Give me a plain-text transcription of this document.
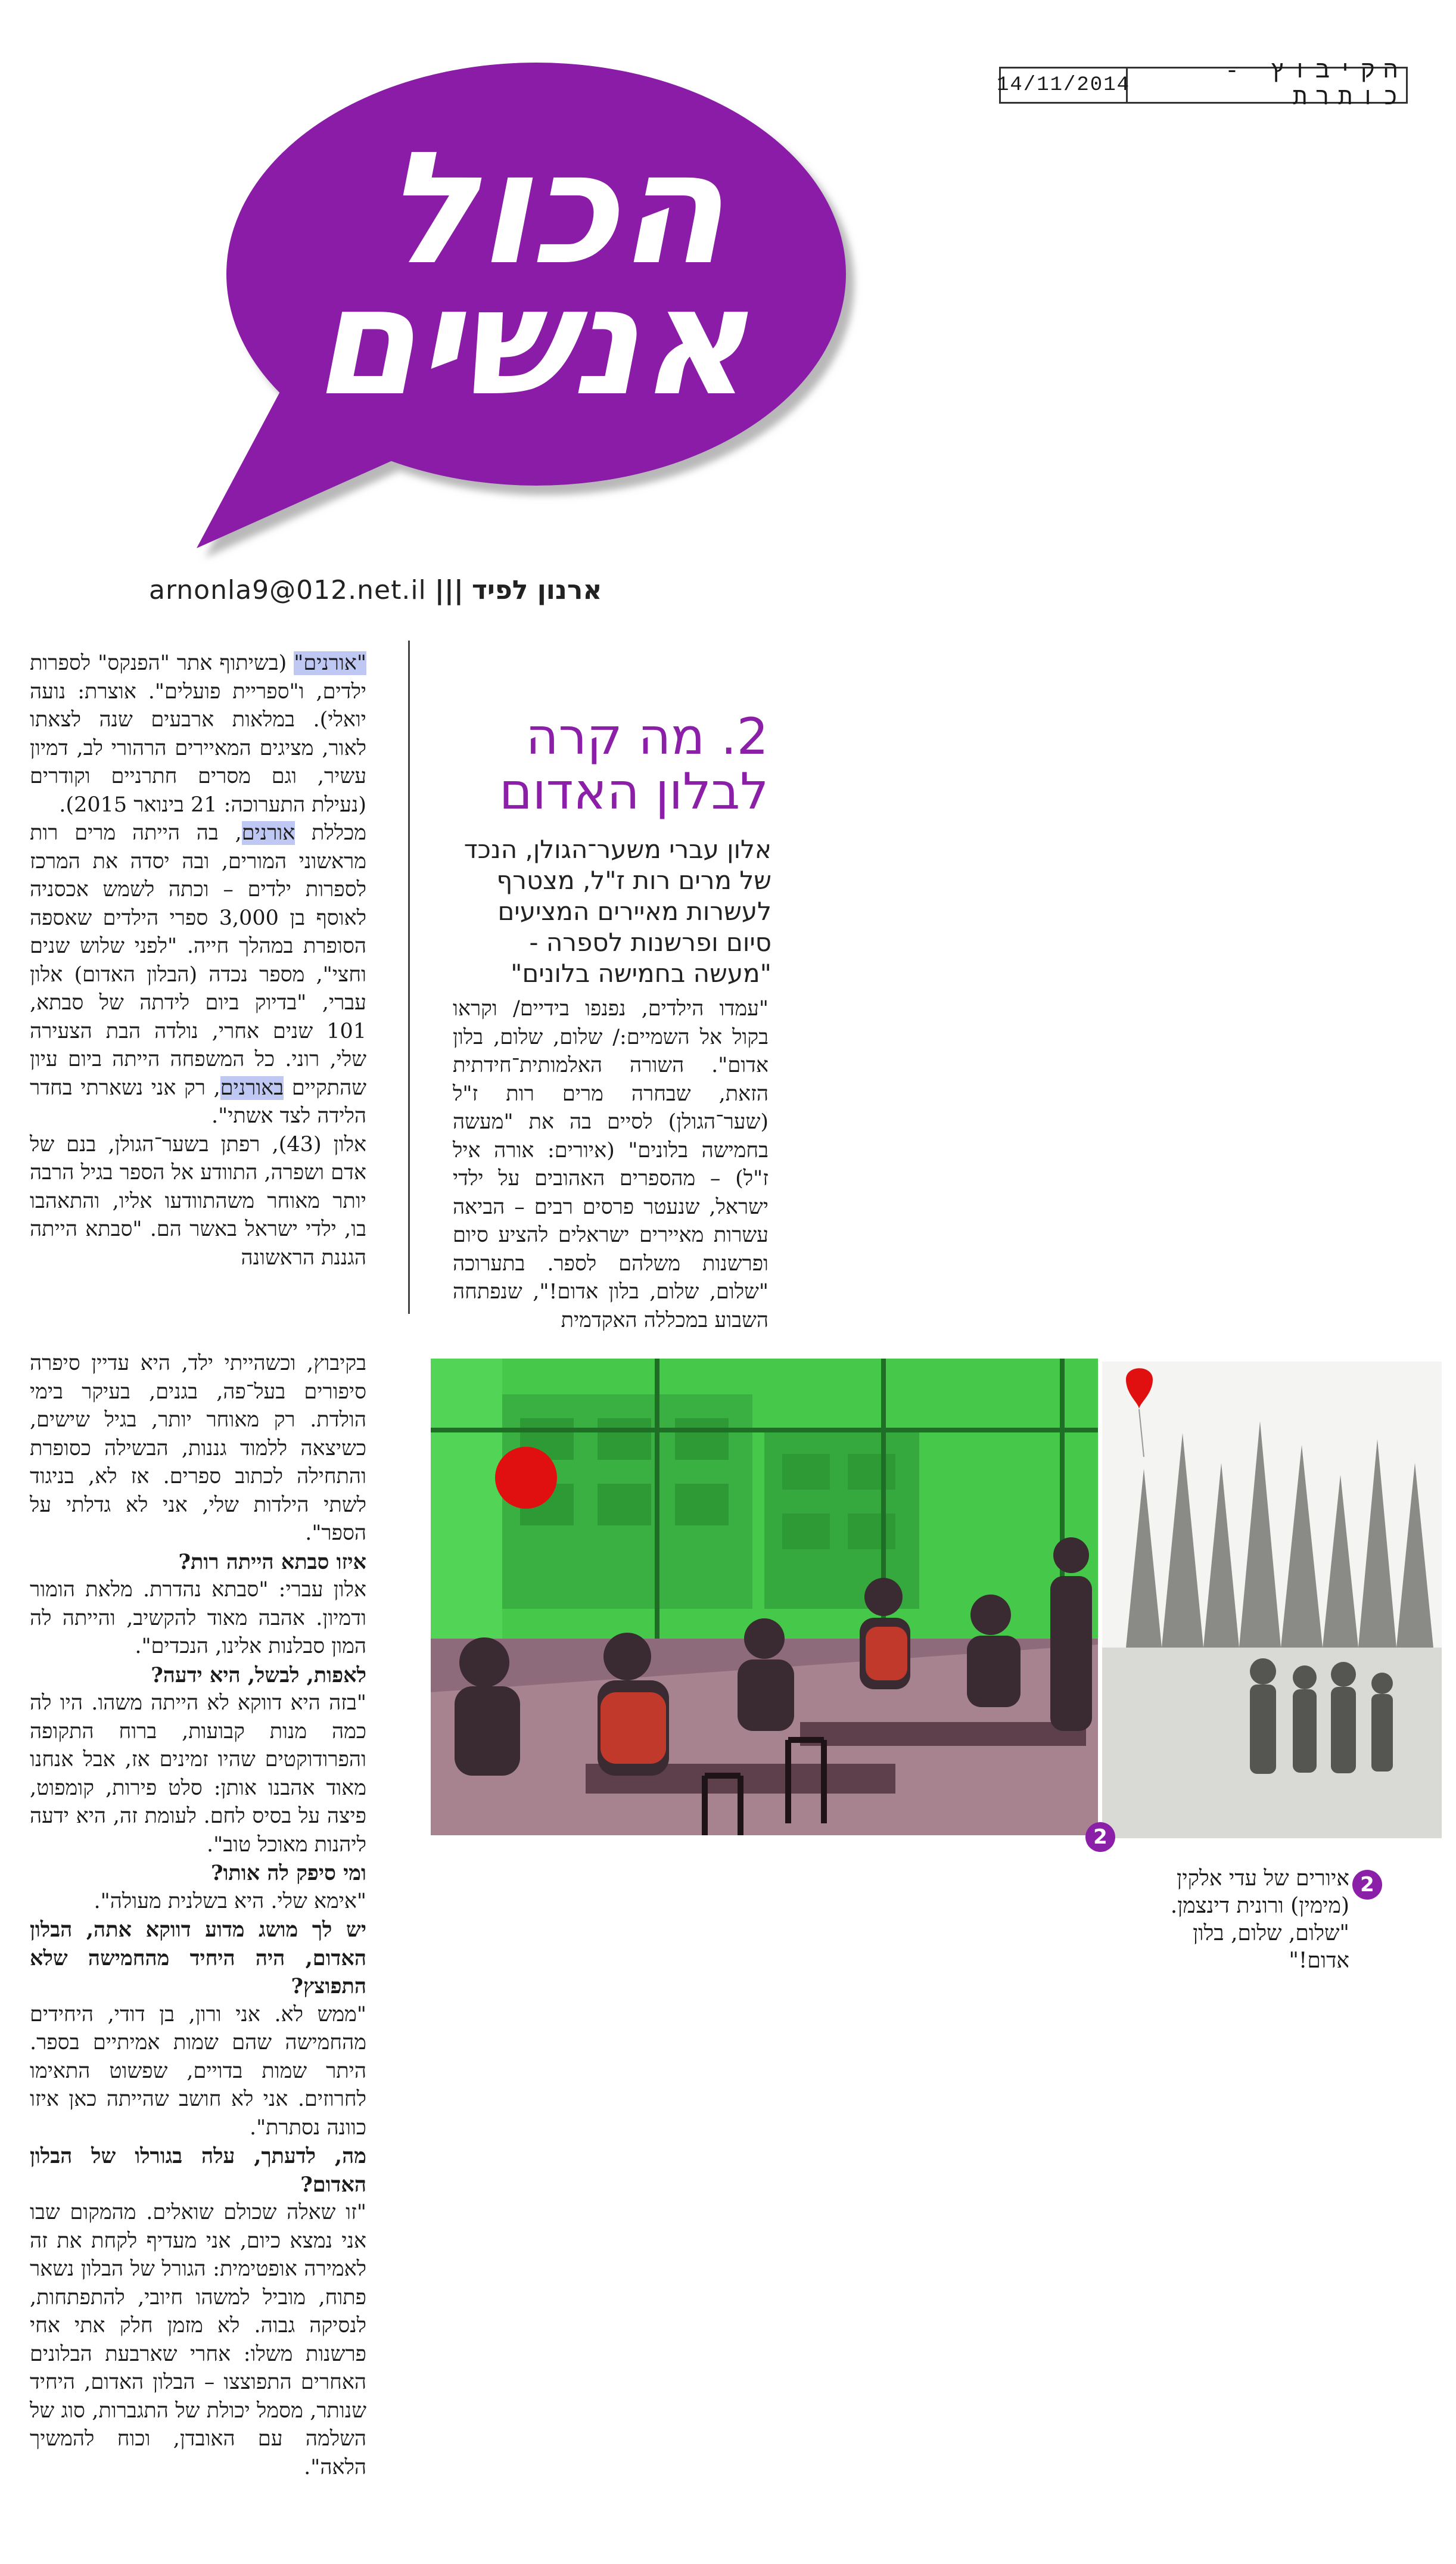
14/11/2014	הקיבוץ - כותרת
הכול
אנשים
arnonla9@012.net.il ||| ארנון לפיד
2. מה קרה
לבלון האדום
אלון עברי משער־הגולן, הנכד של מרים רות ז"ל, מצטרף לעשרות מאיירים המציעים סיום ופרשנות לספרה - "מעשה בחמישה בלונים"

"עמדו הילדים, נפנפו בידיים/ וקראו בקול אל השמיים:/ שלום, שלום, בלון אדום". השורה האלמותית־חידתית הזאת, שבחרה מרים רות ז"ל (שער־הגולן) לסיים בה את "מעשה בחמישה בלונים" (איורים: אורה איל ז"ל) – מהספרים האהובים על ילדי ישראל, שנעטר פרסים רבים – הביאה עשרות מאיירים ישראלים להציע סיום ופרשנות משלהם לספר. בתערוכה "שלום, שלום, בלון אדום!", שנפתחה השבוע במכללה האקדמית

"אורנים" (בשיתוף אתר "הפנקס" לספרות ילדים, ו"ספריית פועלים". אוצרת: נועה יואלי). במלאות ארבעים שנה לצאתו לאור, מציגים המאיירים הרהורי לב, דמיון עשיר, וגם מסרים חתרניים וקודרים (נעילת התערוכה: 21 בינואר 2015).

מכללת אורנים, בה הייתה מרים רות מראשוני המורים, ובה יסדה את המרכז לספרות ילדים – וכתה לשמש אכסניה לאוסף בן 3,000 ספרי הילדים שאספה הסופרת במהלך חייה. "לפני שלוש שנים וחצי", מספר נכדה (הבלון האדום) אלון עברי, "בדיוק ביום לידתה של סבתא, 101 שנים אחרי, נולדה הבת הצעירה שלי, רוני. כל המשפחה הייתה ביום עיון שהתקיים באורנים, רק אני נשארתי בחדר הלידה לצד אשתי".

אלון (43), רפתן בשער־הגולן, בנם של אדם ושפרה, התוודע אל הספר בגיל הרבה יותר מאוחר משהתוודעו אליו, והתאהבו בו, ילדי ישראל באשר הם. "סבתא הייתה הגננת הראשונה

בקיבוץ, וכשהייתי ילד, היא עדיין סיפרה סיפורים בעל־פה, בגנים, בעיקר בימי הולדת. רק מאוחר יותר, בגיל שישים, כשיצאה ללמוד גננות, הבשילה כסופרת והתחילה לכתוב ספרים. אז לא, בניגוד לשתי הילדות שלי, אני לא גדלתי על הספר".

איזו סבתא הייתה רות?

אלון עברי: "סבתא נהדרת. מלאת הומור ודמיון. אהבה מאוד להקשיב, והייתה לה המון סבלנות אלינו, הנכדים".

לאפות, לבשל, היא ידעה?

"בזה היא דווקא לא הייתה משהו. היו לה כמה מנות קבועות, ברוח התקופה והפרודוקטים שהיו זמינים אז, אבל אנחנו מאוד אהבנו אותן: סלט פירות, קומפוט, פיצה על בסיס לחם. לעומת זה, היא ידעה ליהנות מאוכל טוב".

ומי סיפק לה אותו?

"אימא שלי. היא בשלנית מעולה".

יש לך מושג מדוע דווקא אתה, הבלון האדום, היה היחיד מהחמישה שלא התפוצץ?

"ממש לא. אני ורון, בן דודי, היחידים מהחמישה שהם שמות אמיתיים בספר. היתר שמות בדויים, שפשוט התאימו לחרוזים. אני לא חושב שהייתה כאן איזו כוונה נסתרת".

מה, לדעתך, עלה בגורלו של הבלון האדום?

"זו שאלה שכולם שואלים. מהמקום שבו אני נמצא כיום, אני מעדיף לקחת את זה לאמירה אופטימית: הגורל של הבלון נשאר פתוח, מוביל למשהו חיובי, להתפתחות, לנסיקה גבוה. לא מזמן חלק אתי אחי פרשנות משלו: אחרי שארבעת הבלונים האחרים התפוצצו – הבלון האדום, היחיד שנותר, מסמל יכולת של התגברות, סוג של השלמה עם האובדן, וכוח להמשיך הלאה".

2
2
איורים של עדי אלקין
(מימין) ורונית דינצמן.
"שלום, שלום, בלון
אדום!"
